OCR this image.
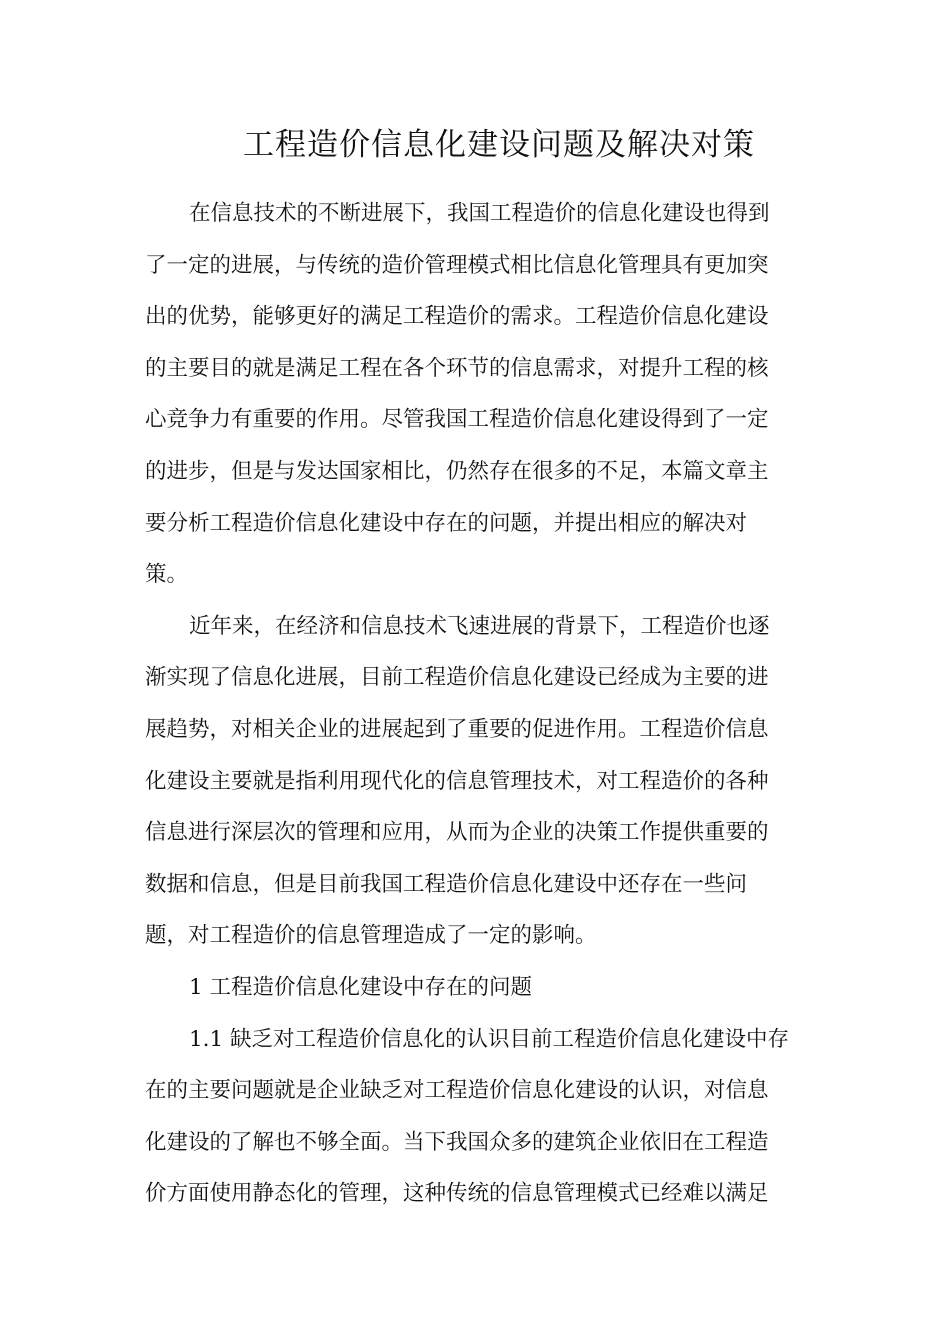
工程造价信息化建设问题及解决对策
在信息技术的不断进展下，我国工程造价的信息化建设也得到
了一定的进展，与传统的造价管理模式相比信息化管理具有更加突
出的优势，能够更好的满足工程造价的需求。工程造价信息化建设
的主要目的就是满足工程在各个环节的信息需求，对提升工程的核
心竞争力有重要的作用。尽管我国工程造价信息化建设得到了一定
的进步，但是与发达国家相比，仍然存在很多的不足，本篇文章主
要分析工程造价信息化建设中存在的问题，并提出相应的解决对
策。
近年来，在经济和信息技术飞速进展的背景下，工程造价也逐
渐实现了信息化进展，目前工程造价信息化建设已经成为主要的进
展趋势，对相关企业的进展起到了重要的促进作用。工程造价信息
化建设主要就是指利用现代化的信息管理技术，对工程造价的各种
信息进行深层次的管理和应用，从而为企业的决策工作提供重要的
数据和信息，但是目前我国工程造价信息化建设中还存在一些问
题，对工程造价的信息管理造成了一定的影响。
1 工程造价信息化建设中存在的问题
1.1 缺乏对工程造价信息化的认识目前工程造价信息化建设中存
在的主要问题就是企业缺乏对工程造价信息化建设的认识，对信息
化建设的了解也不够全面。当下我国众多的建筑企业依旧在工程造
价方面使用静态化的管理，这种传统的信息管理模式已经难以满足
